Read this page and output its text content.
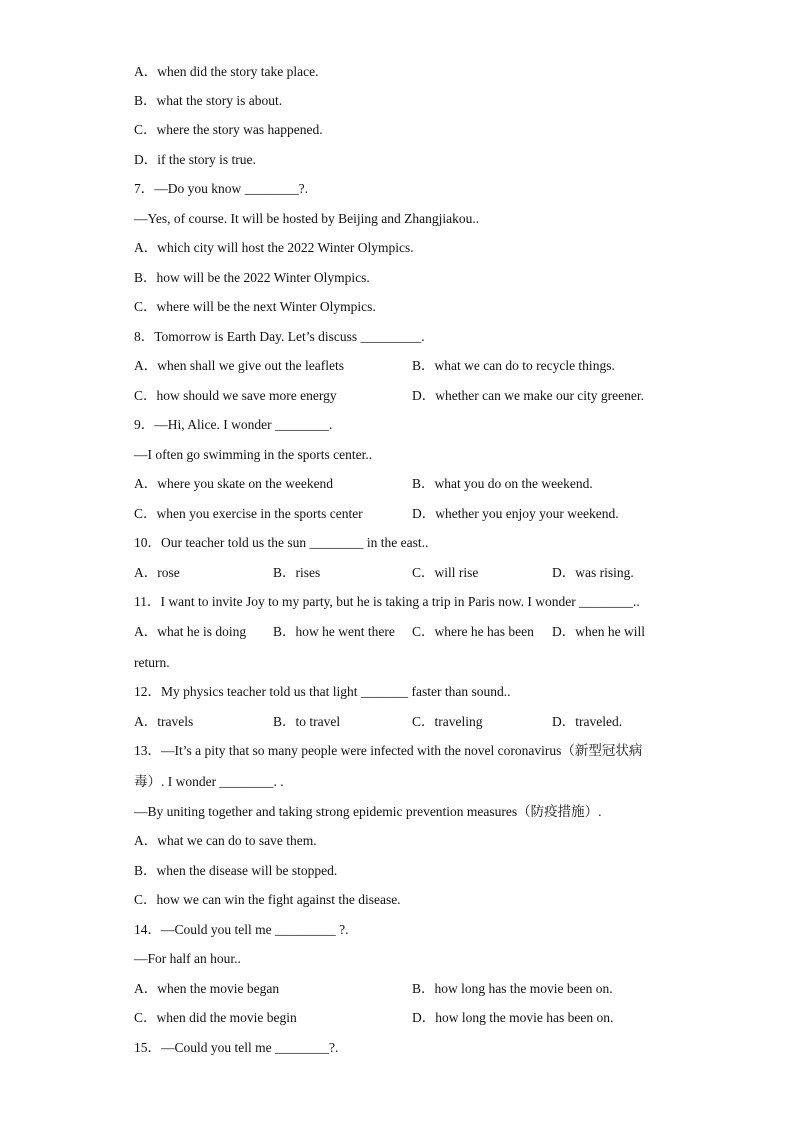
A．when did the story take place.
B．what the story is about.
C．where the story was happened.
D．if the story is true.
7．—Do you know ________?.
—Yes, of course. It will be hosted by Beijing and Zhangjiakou..
A．which city will host the 2022 Winter Olympics.
B．how will be the 2022 Winter Olympics.
C．where will be the next Winter Olympics.
8．Tomorrow is Earth Day. Let’s discuss _________.
A．when shall we give out the leaflets	B．what we can do to recycle things.
C．how should we save more energy	D．whether can we make our city greener.
9．—Hi, Alice. I wonder ________.
—I often go swimming in the sports center..
A．where you skate on the weekend	B．what you do on the weekend.
C．when you exercise in the sports center	D．whether you enjoy your weekend.
10．Our teacher told us the sun ________ in the east..
A．rose	B．rises	C．will rise	D．was rising.
11．I want to invite Joy to my party, but he is taking a trip in Paris now. I wonder ________..
A．what he is doing B．how he went there C．where he has been D．when he will
return.
12．My physics teacher told us that light _______ faster than sound..
A．travels	B．to travel	C．traveling	D．traveled.
13．—It’s a pity that so many people were infected with the novel coronavirus（新型冠状病
毒）. I wonder ________. .
—By uniting together and taking strong epidemic prevention measures（防疫措施）.
A．what we can do to save them.
B．when the disease will be stopped.
C．how we can win the fight against the disease.
14．—Could you tell me _________ ?.
—For half an hour..
A．when the movie began	B．how long has the movie been on.
C．when did the movie begin	D．how long the movie has been on.
15．—Could you tell me ________?.
